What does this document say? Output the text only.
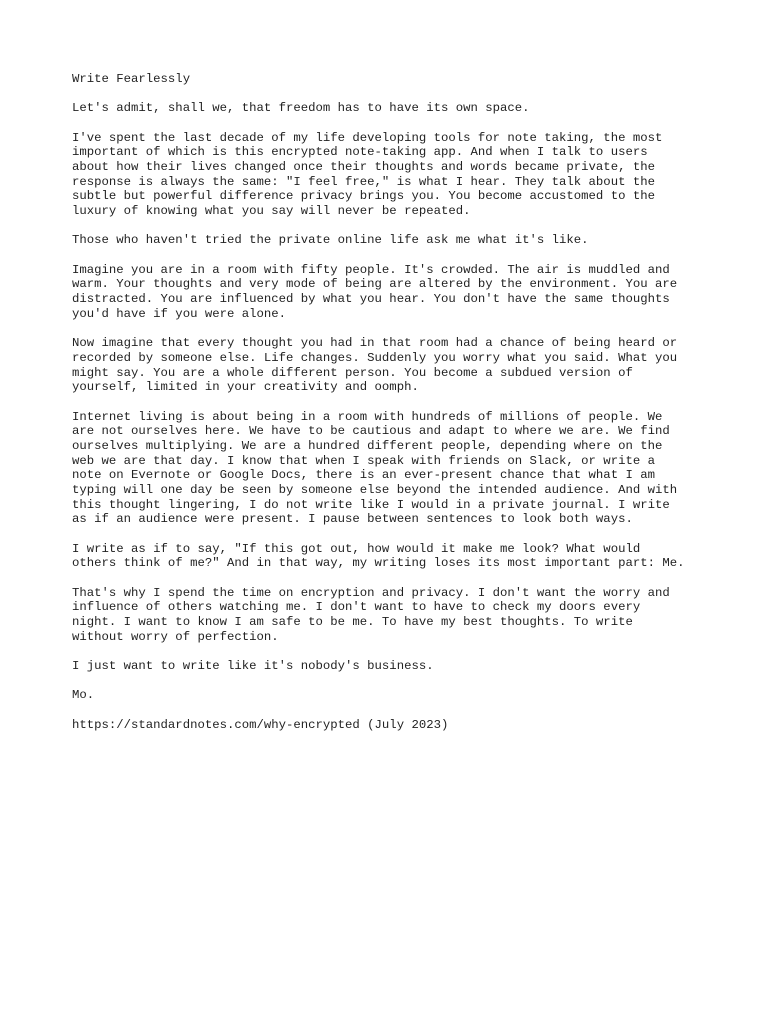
Write Fearlessly

Let's admit, shall we, that freedom has to have its own space.

I've spent the last decade of my life developing tools for note taking, the most
important of which is this encrypted note-taking app. And when I talk to users
about how their lives changed once their thoughts and words became private, the
response is always the same: "I feel free," is what I hear. They talk about the
subtle but powerful difference privacy brings you. You become accustomed to the
luxury of knowing what you say will never be repeated.

Those who haven't tried the private online life ask me what it's like.

Imagine you are in a room with fifty people. It's crowded. The air is muddled and
warm. Your thoughts and very mode of being are altered by the environment. You are
distracted. You are influenced by what you hear. You don't have the same thoughts
you'd have if you were alone.

Now imagine that every thought you had in that room had a chance of being heard or
recorded by someone else. Life changes. Suddenly you worry what you said. What you
might say. You are a whole different person. You become a subdued version of
yourself, limited in your creativity and oomph.

Internet living is about being in a room with hundreds of millions of people. We
are not ourselves here. We have to be cautious and adapt to where we are. We find
ourselves multiplying. We are a hundred different people, depending where on the
web we are that day. I know that when I speak with friends on Slack, or write a
note on Evernote or Google Docs, there is an ever-present chance that what I am
typing will one day be seen by someone else beyond the intended audience. And with
this thought lingering, I do not write like I would in a private journal. I write
as if an audience were present. I pause between sentences to look both ways.

I write as if to say, "If this got out, how would it make me look? What would
others think of me?" And in that way, my writing loses its most important part: Me.

That's why I spend the time on encryption and privacy. I don't want the worry and
influence of others watching me. I don't want to have to check my doors every
night. I want to know I am safe to be me. To have my best thoughts. To write
without worry of perfection.

I just want to write like it's nobody's business.

Mo.

https://standardnotes.com/why-encrypted (July 2023)
